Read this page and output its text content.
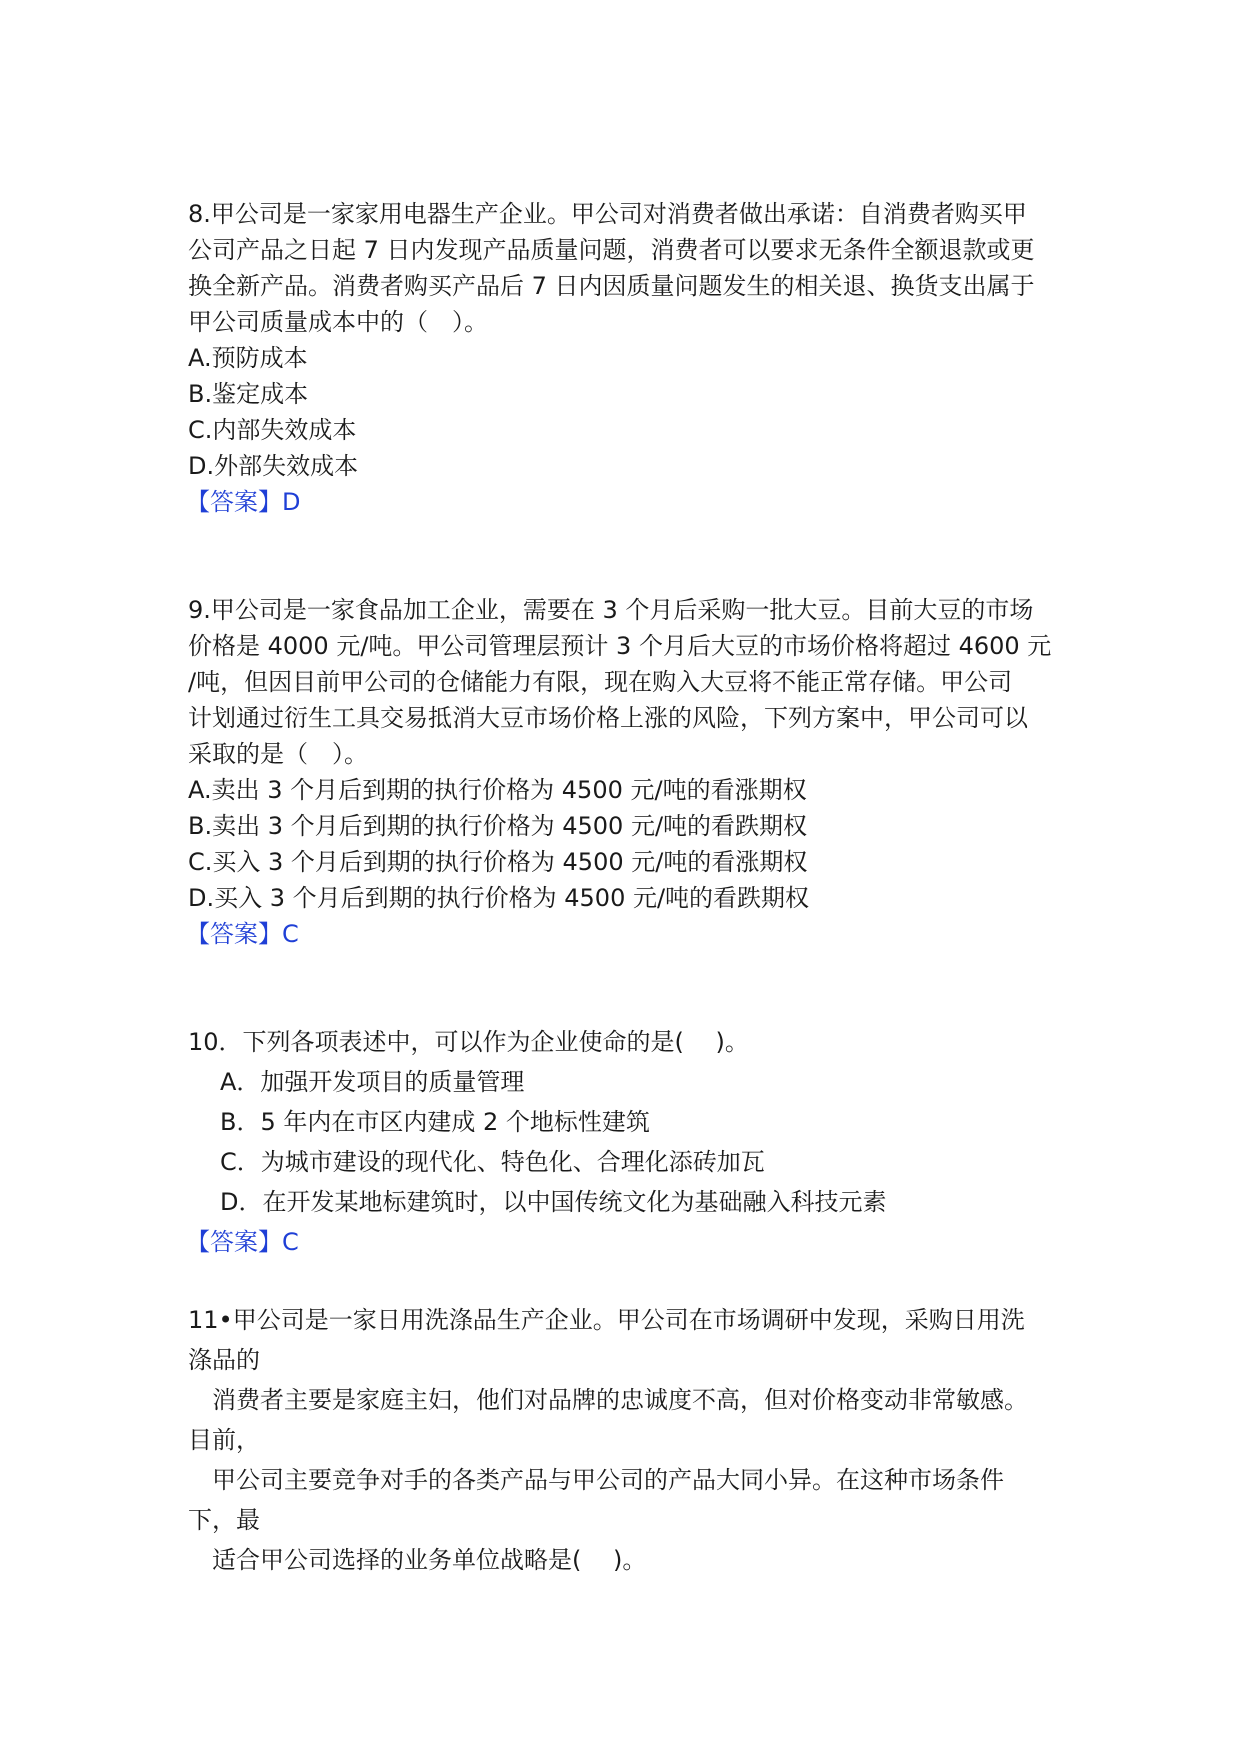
8.甲公司是一家家用电器生产企业。甲公司对消费者做出承诺：自消费者购买甲
公司产品之日起 7 日内发现产品质量问题，消费者可以要求无条件全额退款或更
换全新产品。消费者购买产品后 7 日内因质量问题发生的相关退、换货支出属于
甲公司质量成本中的（　）。
A.预防成本
B.鉴定成本
C.内部失效成本
D.外部失效成本
【答案】D
9.甲公司是一家食品加工企业，需要在 3 个月后采购一批大豆。目前大豆的市场
价格是 4000 元/吨。甲公司管理层预计 3 个月后大豆的市场价格将超过 4600 元
/吨，但因目前甲公司的仓储能力有限，现在购入大豆将不能正常存储。甲公司
计划通过衍生工具交易抵消大豆市场价格上涨的风险，下列方案中，甲公司可以
采取的是（　）。
A.卖出 3 个月后到期的执行价格为 4500 元/吨的看涨期权
B.卖出 3 个月后到期的执行价格为 4500 元/吨的看跌期权
C.买入 3 个月后到期的执行价格为 4500 元/吨的看涨期权
D.买入 3 个月后到期的执行价格为 4500 元/吨的看跌期权
【答案】C
10．下列各项表述中，可以作为企业使命的是(　 )。
A．加强开发项目的质量管理
B．5 年内在市区内建成 2 个地标性建筑
C．为城市建设的现代化、特色化、合理化添砖加瓦
D．在开发某地标建筑时，以中国传统文化为基础融入科技元素
【答案】C
11•甲公司是一家日用洗涤品生产企业。甲公司在市场调研中发现，采购日用洗
涤品的
　消费者主要是家庭主妇，他们对品牌的忠诚度不高，但对价格变动非常敏感。
目前，
　甲公司主要竞争对手的各类产品与甲公司的产品大同小异。在这种市场条件
下，最
　适合甲公司选择的业务单位战略是(　 )。
